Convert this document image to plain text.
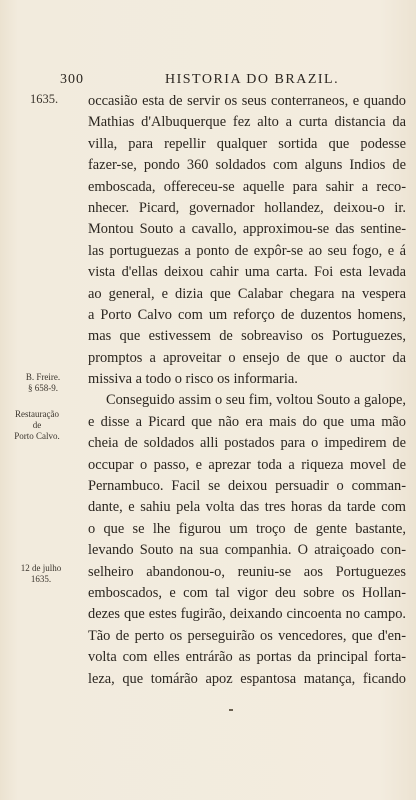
300	HISTORIA DO BRAZIL.
1635.
B. Freire.
§ 658-9.
Restauração
de
Porto Calvo.
12 de julho
1635.
occasião esta de servir os seus conterraneos, e quando
Mathias d'Albuquerque fez alto a curta distancia da
villa, para repellir qualquer sortida que podesse
fazer-se, pondo 360 soldados com alguns Indios de
emboscada, offereceu-se aquelle para sahir a reco-
nhecer. Picard, governador hollandez, deixou-o ir.
Montou Souto a cavallo, approximou-se das sentine-
las portuguezas a ponto de expôr-se ao seu fogo, e á
vista d'ellas deixou cahir uma carta. Foi esta levada
ao general, e dizia que Calabar chegara na vespera
a Porto Calvo com um reforço de duzentos homens,
mas que estivessem de sobreaviso os Portuguezes,
promptos a aproveitar o ensejo de que o auctor da
missiva a todo o risco os informaria.
Conseguido assim o seu fim, voltou Souto a galope,
e disse a Picard que não era mais do que uma mão
cheia de soldados alli postados para o impedirem de
occupar o passo, e aprezar toda a riqueza movel de
Pernambuco. Facil se deixou persuadir o comman-
dante, e sahiu pela volta das tres horas da tarde com
o que se lhe figurou um troço de gente bastante,
levando Souto na sua companhia. O atraiçoado con-
selheiro abandonou-o, reuniu-se aos Portuguezes
emboscados, e com tal vigor deu sobre os Hollan-
dezes que estes fugirão, deixando cincoenta no campo.
Tão de perto os perseguirão os vencedores, que d'en-
volta com elles entrárão as portas da principal forta-
leza, que tomárão apoz espantosa matança, ficando
